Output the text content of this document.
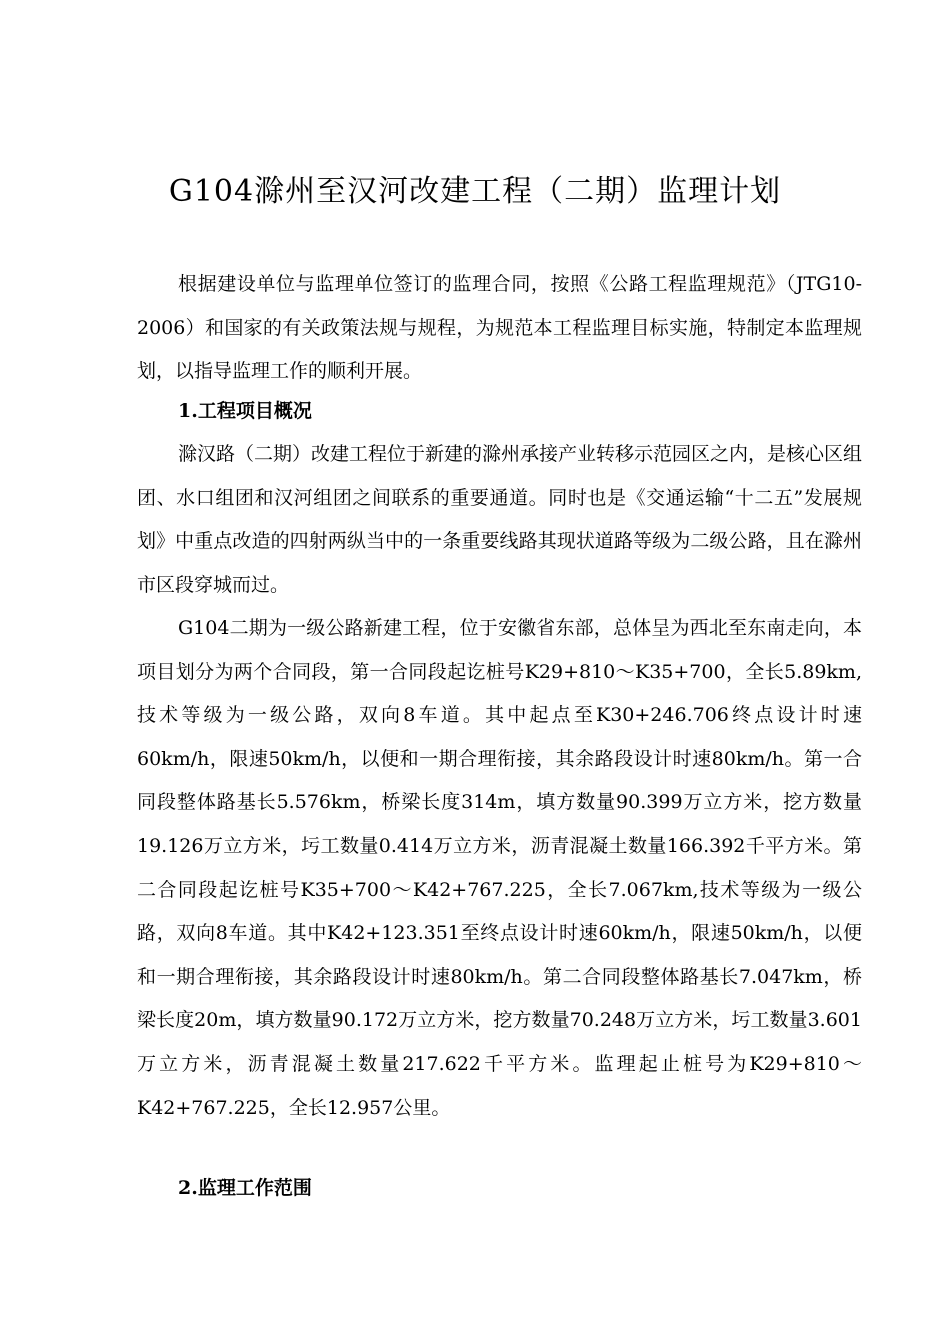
G104滁州至汉河改建工程（二期）监理计划

根据建设单位与监理单位签订的监理合同，按照《公路工程监理规范》（JTG10-2006）和国家的有关政策法规与规程，为规范本工程监理目标实施，特制定本监理规划，以指导监理工作的顺利开展。

1.工程项目概况

滁汉路（二期）改建工程位于新建的滁州承接产业转移示范园区之内，是核心区组团、水口组团和汉河组团之间联系的重要通道。同时也是《交通运输“十二五”发展规划》中重点改造的四射两纵当中的一条重要线路其现状道路等级为二级公路，且在滁州市区段穿城而过。

G104二期为一级公路新建工程，位于安徽省东部，总体呈为西北至东南走向，本项目划分为两个合同段，第一合同段起讫桩号K29+810～K35+700，全长5.89km,技术等级为一级公路，双向8车道。其中起点至K30+246.706终点设计时速60km/h，限速50km/h，以便和一期合理衔接，其余路段设计时速80km/h。第一合同段整体路基长5.576km，桥梁长度314m，填方数量90.399万立方米，挖方数量19.126万立方米，圬工数量0.414万立方米，沥青混凝土数量166.392千平方米。第二合同段起讫桩号K35+700～K42+767.225，全长7.067km,技术等级为一级公路，双向8车道。其中K42+123.351至终点设计时速60km/h，限速50km/h，以便和一期合理衔接，其余路段设计时速80km/h。第二合同段整体路基长7.047km，桥梁长度20m，填方数量90.172万立方米，挖方数量70.248万立方米，圬工数量3.601万立方米，沥青混凝土数量217.622千平方米。监理起止桩号为K29+810～ K42+767.225，全长12.957公里。

2.监理工作范围
